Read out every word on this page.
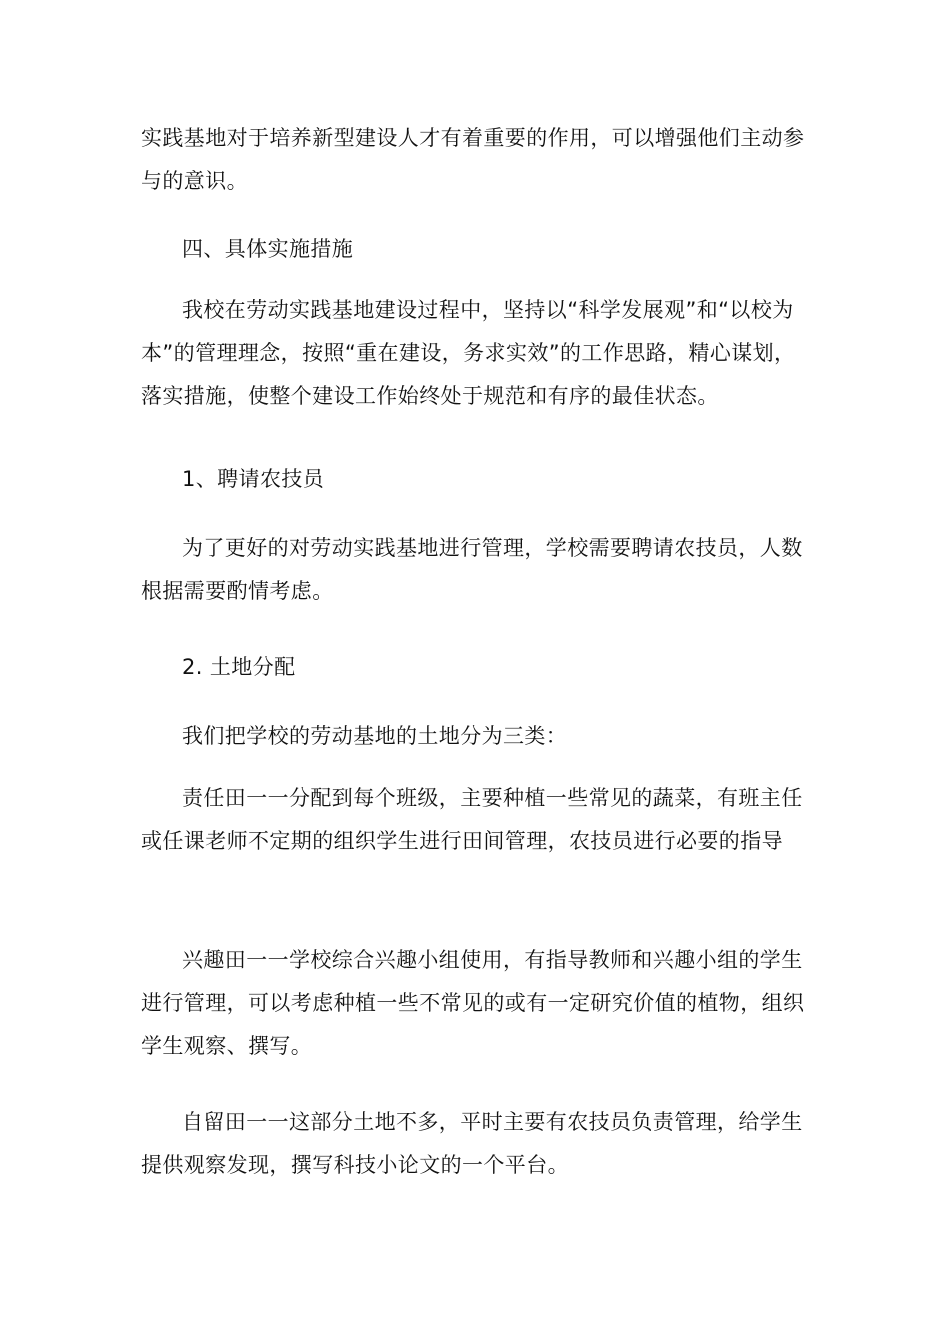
实践基地对于培养新型建设人才有着重要的作用，可以增强他们主动参与的意识。

四、具体实施措施

我校在劳动实践基地建设过程中，坚持以“科学发展观”和“以校为本”的管理理念，按照“重在建设，务求实效”的工作思路，精心谋划，落实措施，使整个建设工作始终处于规范和有序的最佳状态。

1、聘请农技员

为了更好的对劳动实践基地进行管理，学校需要聘请农技员，人数根据需要酌情考虑。

2. 土地分配

我们把学校的劳动基地的土地分为三类：

责任田一一分配到每个班级，主要种植一些常见的蔬菜，有班主任或任课老师不定期的组织学生进行田间管理，农技员进行必要的指导

兴趣田一一学校综合兴趣小组使用，有指导教师和兴趣小组的学生进行管理，可以考虑种植一些不常见的或有一定研究价值的植物，组织学生观察、撰写。

自留田一一这部分土地不多，平时主要有农技员负责管理，给学生提供观察发现，撰写科技小论文的一个平台。
